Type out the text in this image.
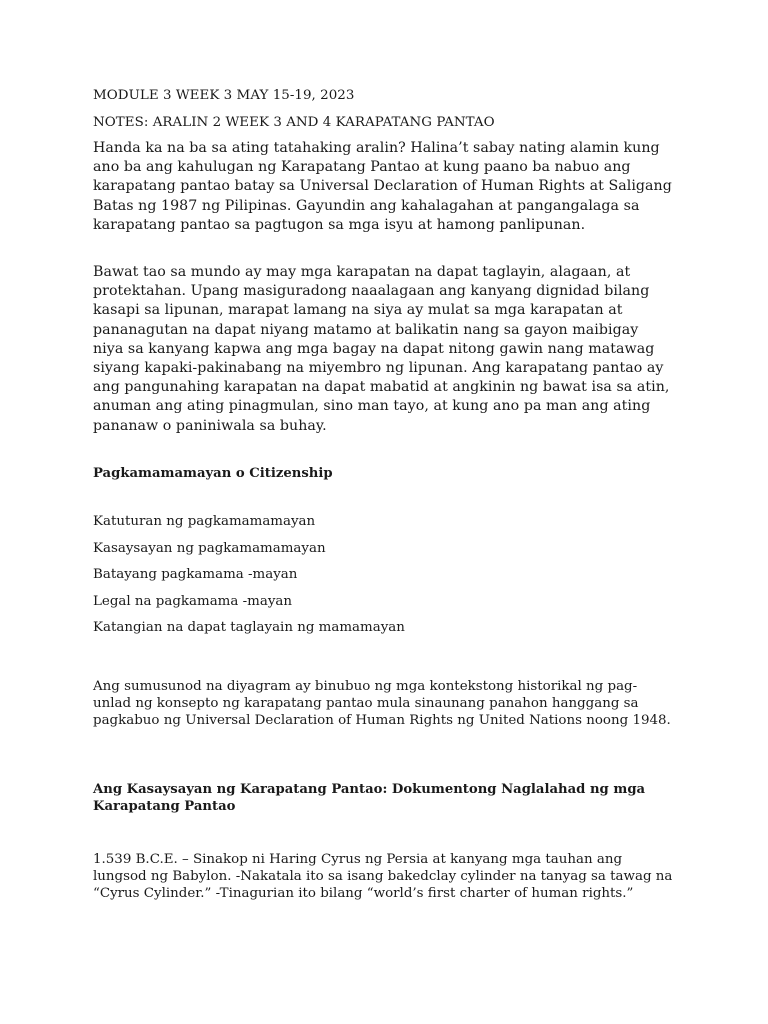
MODULE 3 WEEK 3 MAY 15-19, 2023
NOTES: ARALIN 2 WEEK 3 AND 4 KARAPATANG PANTAO
Handa ka na ba sa ating tatahaking aralin? Halina’t sabay nating alamin kung ano ba ang kahulugan ng Karapatang Pantao at kung paano ba nabuo ang karapatang pantao batay sa Universal Declaration of Human Rights at Saligang Batas ng 1987 ng Pilipinas. Gayundin ang kahalagahan at pangangalaga sa karapatang pantao sa pagtugon sa mga isyu at hamong panlipunan.
Bawat tao sa mundo ay may mga karapatan na dapat taglayin, alagaan, at protektahan. Upang masiguradong naaalagaan ang kanyang dignidad bilang kasapi sa lipunan, marapat lamang na siya ay mulat sa mga karapatan at pananagutan na dapat niyang matamo at balikatin nang sa gayon maibigay niya sa kanyang kapwa ang mga bagay na dapat nitong gawin nang matawag siyang kapaki-pakinabang na miyembro ng lipunan. Ang karapatang pantao ay ang pangunahing karapatan na dapat mabatid at angkinin ng bawat isa sa atin, anuman ang ating pinagmulan, sino man tayo, at kung ano pa man ang ating pananaw o paniniwala sa buhay.
Pagkamamamayan o Citizenship
Katuturan ng pagkamamamayan
Kasaysayan ng pagkamamamayan
Batayang pagkamama -mayan
Legal na pagkamama -mayan
Katangian na dapat taglayain ng mamamayan
Ang sumusunod na diyagram ay binubuo ng mga kontekstong historikal ng pag-unlad ng konsepto ng karapatang pantao mula sinaunang panahon hanggang sa pagkabuo ng Universal Declaration of Human Rights ng United Nations noong 1948.
Ang Kasaysayan ng Karapatang Pantao: Dokumentong Naglalahad ng mga Karapatang Pantao
1.539 B.C.E. – Sinakop ni Haring Cyrus ng Persia at kanyang mga tauhan ang lungsod ng Babylon. -Nakatala ito sa isang bakedclay cylinder na tanyag sa tawag na “Cyrus Cylinder.” -Tinagurian ito bilang “world’s first charter of human rights.”
